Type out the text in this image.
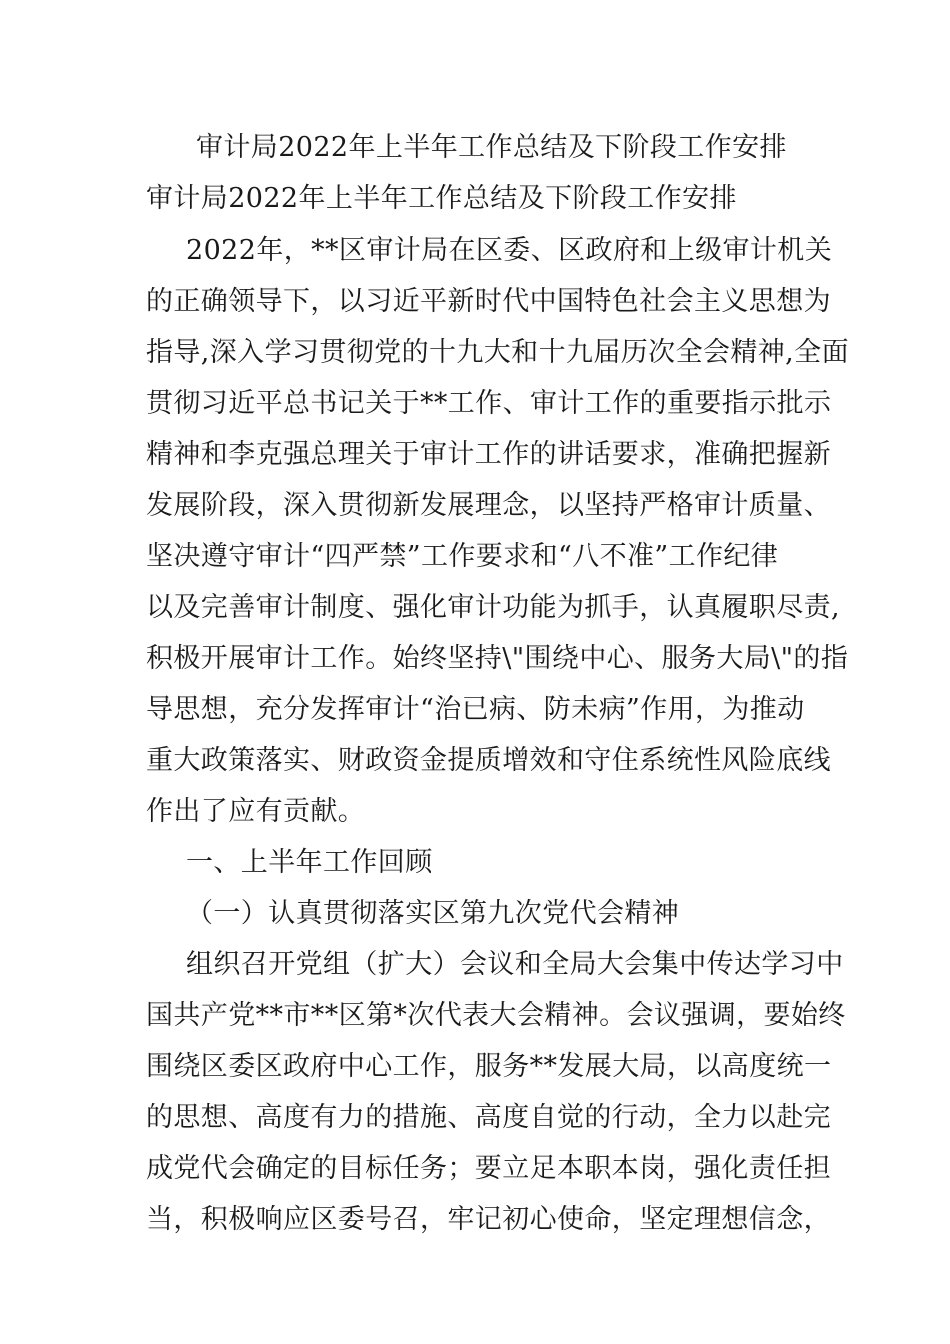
审计局2022年上半年工作总结及下阶段工作安排
审计局2022年上半年工作总结及下阶段工作安排
2022年，**区审计局在区委、区政府和上级审计机关
的正确领导下，以习近平新时代中国特色社会主义思想为
指导,深入学习贯彻党的十九大和十九届历次全会精神,全面
贯彻习近平总书记关于**工作、审计工作的重要指示批示
精神和李克强总理关于审计工作的讲话要求，准确把握新
发展阶段，深入贯彻新发展理念，以坚持严格审计质量、
坚决遵守审计“四严禁”工作要求和“八不准”工作纪律
以及完善审计制度、强化审计功能为抓手，认真履职尽责,
积极开展审计工作。始终坚持\"围绕中心、服务大局\"的指
导思想，充分发挥审计“治已病、防未病”作用，为推动
重大政策落实、财政资金提质增效和守住系统性风险底线
作出了应有贡献。
一、上半年工作回顾
（一）认真贯彻落实区第九次党代会精神
组织召开党组（扩大）会议和全局大会集中传达学习中
国共产党**市**区第*次代表大会精神。会议强调，要始终
围绕区委区政府中心工作，服务**发展大局，以高度统一
的思想、高度有力的措施、高度自觉的行动，全力以赴完
成党代会确定的目标任务；要立足本职本岗，强化责任担
当，积极响应区委号召，牢记初心使命，坚定理想信念，
